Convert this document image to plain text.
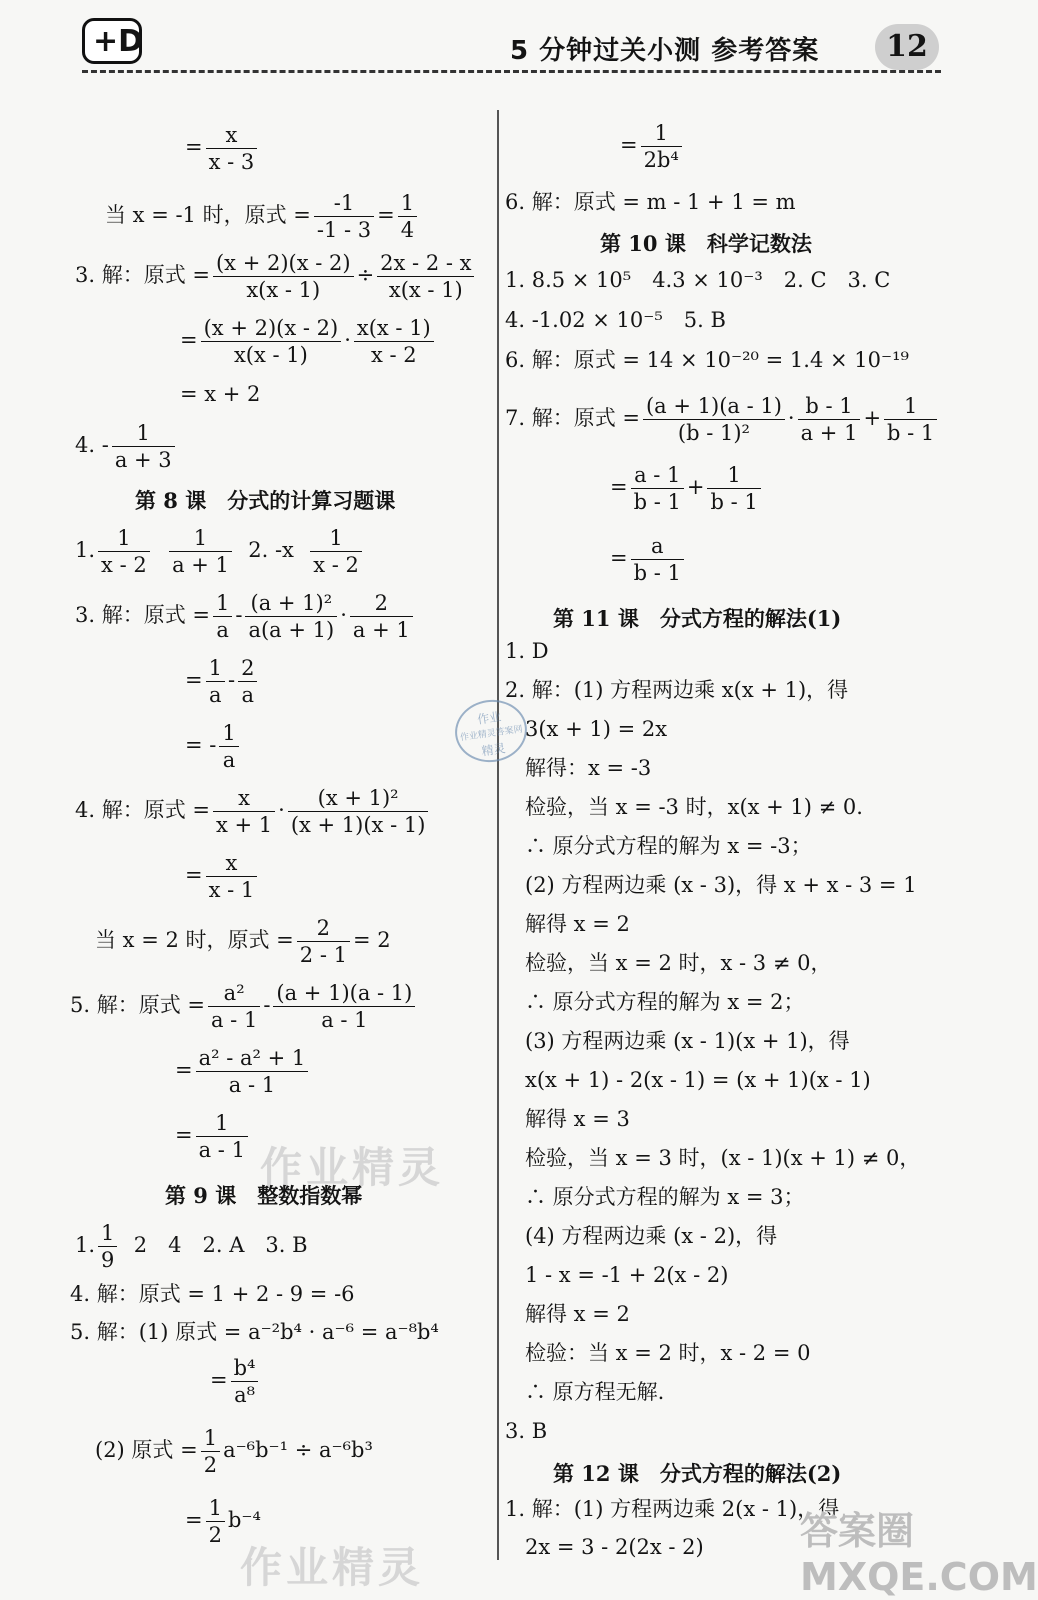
+D	5 分钟过关小测 参考答案	12
= $\frac{x}{x - 3}$
当 x = -1 时，原式 = $\frac{-1}{-1 - 3} = \frac{1}{4}$
3. 解：原式 = $\frac{(x + 2)(x - 2)}{x(x - 1)} \div \frac{2x - 2 - x}{x(x - 1)}$
= $\frac{(x + 2)(x - 2)}{x(x - 1)} \cdot \frac{x(x - 1)}{x - 2}$
= x + 2
4. - $\frac{1}{a + 3}$
第 8 课　分式的计算习题课
1. $\frac{1}{x - 2}$
$\frac{1}{a + 1} 2$. $-x \frac{1}{x - 2}$
3. 解：原式 = $\frac{1}{a} - \frac{\text{(a + 1)²}}{a(a + 1)} \cdot \frac{2}{a + 1}$
= $\frac{1}{a} - \frac{2}{a}$
= - $\frac{1}{a}$
4. 解：原式 = $\frac{x}{x + 1} \cdot \frac{\text{(x + 1)²}}{(x + 1)(x - 1)}$
= $\frac{x}{x - 1}$
当 x = 2 时，原式 = $\frac{2}{2 - 1} = 2$
5. 解：原式 = $\frac{\text{a²}}{a - 1} - \frac{(a + 1)(a - 1)}{a - 1}$
= $\frac{\text{a² - a² + 1}}{a - 1}$
= $\frac{1}{a - 1}$
作业精灵
第 9 课　整数指数幂
1. $\frac{1}{9} 2$　4　2. A　3. B
4. 解：原式 = 1 + 2 - 9 = -6
5. 解：(1) 原式 = a⁻²b⁴ · a⁻⁶ = a⁻⁸b⁴
= $\frac{\text{b⁴}}{\text{a⁸}}$
(2) 原式 = $\frac{1}{2} a^{-6}b^{-1} \div a^{-6}b^3$
= $\frac{1}{2} b^{-4}$
作业精灵
作业
作业精灵答案网
精灵
= $\frac{1}{\text{2b⁴}}$
6. 解：原式 = m - 1 + 1 = m
第 10 课　科学记数法
1. 8.5 × 10⁵　4.3 × 10⁻³　2. C　3. C
4. -1.02 × 10⁻⁵　5. B
6. 解：原式 = 14 × 10⁻²⁰ = 1.4 × 10⁻¹⁹
7. 解：原式 = $\frac{(a + 1)(a - 1)}{\text{(b - 1)²}} \cdot \frac{b - 1}{a + 1} + \frac{1}{b - 1}$
= $\frac{a - 1}{b - 1} + \frac{1}{b - 1}$
= $\frac{a}{b - 1}$
第 11 课　分式方程的解法(1)
1. D
2. 解：(1) 方程两边乘 x(x + 1)，得
3(x + 1) = 2x
解得：x = -3
检验，当 x = -3 时，x(x + 1) ≠ 0.
∴ 原分式方程的解为 x = -3；
(2) 方程两边乘 (x - 3)，得 x + x - 3 = 1
解得 x = 2
检验，当 x = 2 时，x - 3 ≠ 0，
∴ 原分式方程的解为 x = 2；
(3) 方程两边乘 (x - 1)(x + 1)，得
x(x + 1) - 2(x - 1) = (x + 1)(x - 1)
解得 x = 3
检验，当 x = 3 时，(x - 1)(x + 1) ≠ 0，
∴ 原分式方程的解为 x = 3；
(4) 方程两边乘 (x - 2)，得
1 - x = -1 + 2(x - 2)
解得 x = 2
检验：当 x = 2 时，x - 2 = 0
∴ 原方程无解.
3. B
第 12 课　分式方程的解法(2)
1. 解：(1) 方程两边乘 2(x - 1)，得
2x = 3 - 2(2x - 2)	答案圈 MXQE.COM
